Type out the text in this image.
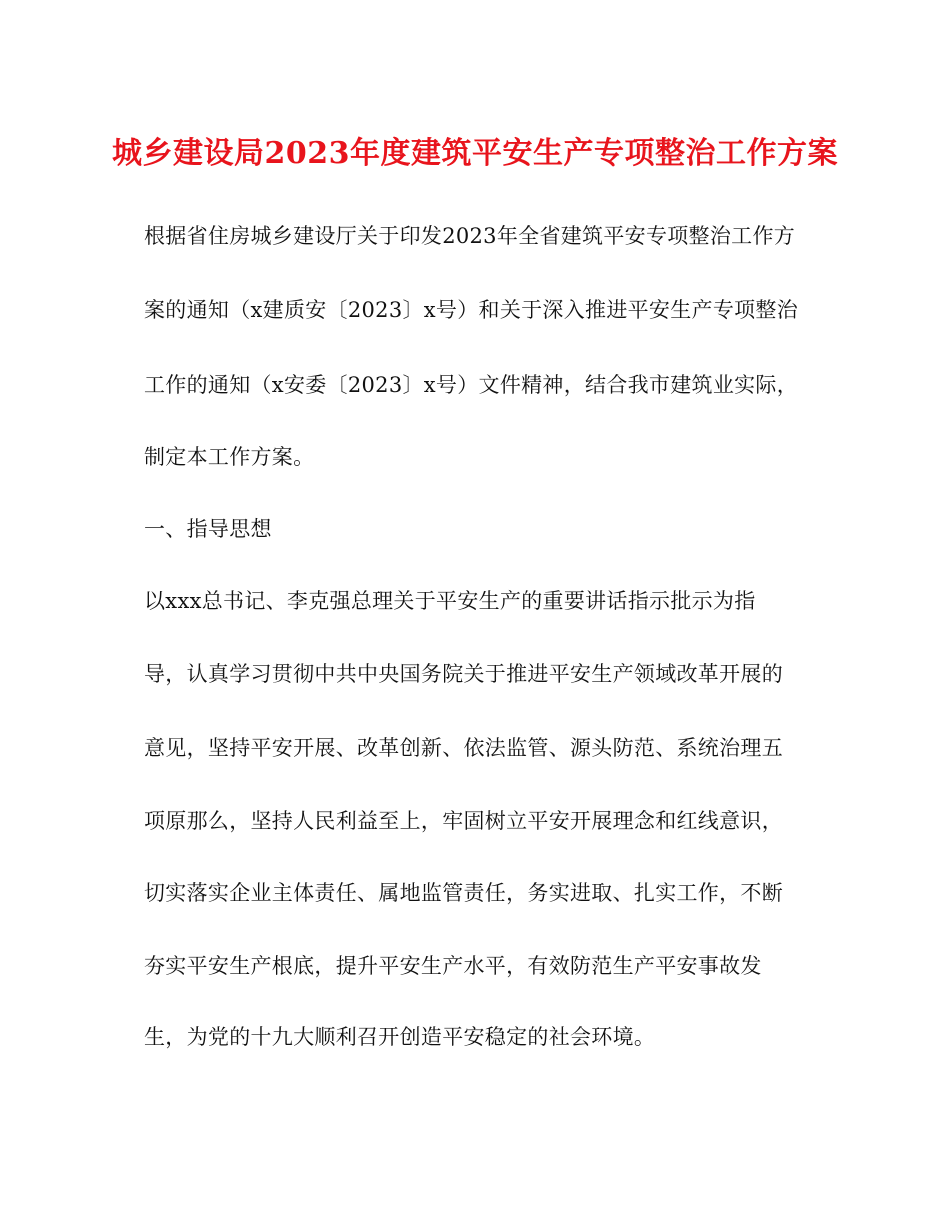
城乡建设局2023年度建筑平安生产专项整治工作方案
根据省住房城乡建设厅关于印发2023年全省建筑平安专项整治工作方
案的通知（x建质安〔2023〕x号）和关于深入推进平安生产专项整治
工作的通知（x安委〔2023〕x号）文件精神，结合我市建筑业实际，
制定本工作方案。
一、指导思想
以xxx总书记、李克强总理关于平安生产的重要讲话指示批示为指
导，认真学习贯彻中共中央国务院关于推进平安生产领域改革开展的
意见，坚持平安开展、改革创新、依法监管、源头防范、系统治理五
项原那么，坚持人民利益至上，牢固树立平安开展理念和红线意识，
切实落实企业主体责任、属地监管责任，务实进取、扎实工作，不断
夯实平安生产根底，提升平安生产水平，有效防范生产平安事故发
生，为党的十九大顺利召开创造平安稳定的社会环境。
